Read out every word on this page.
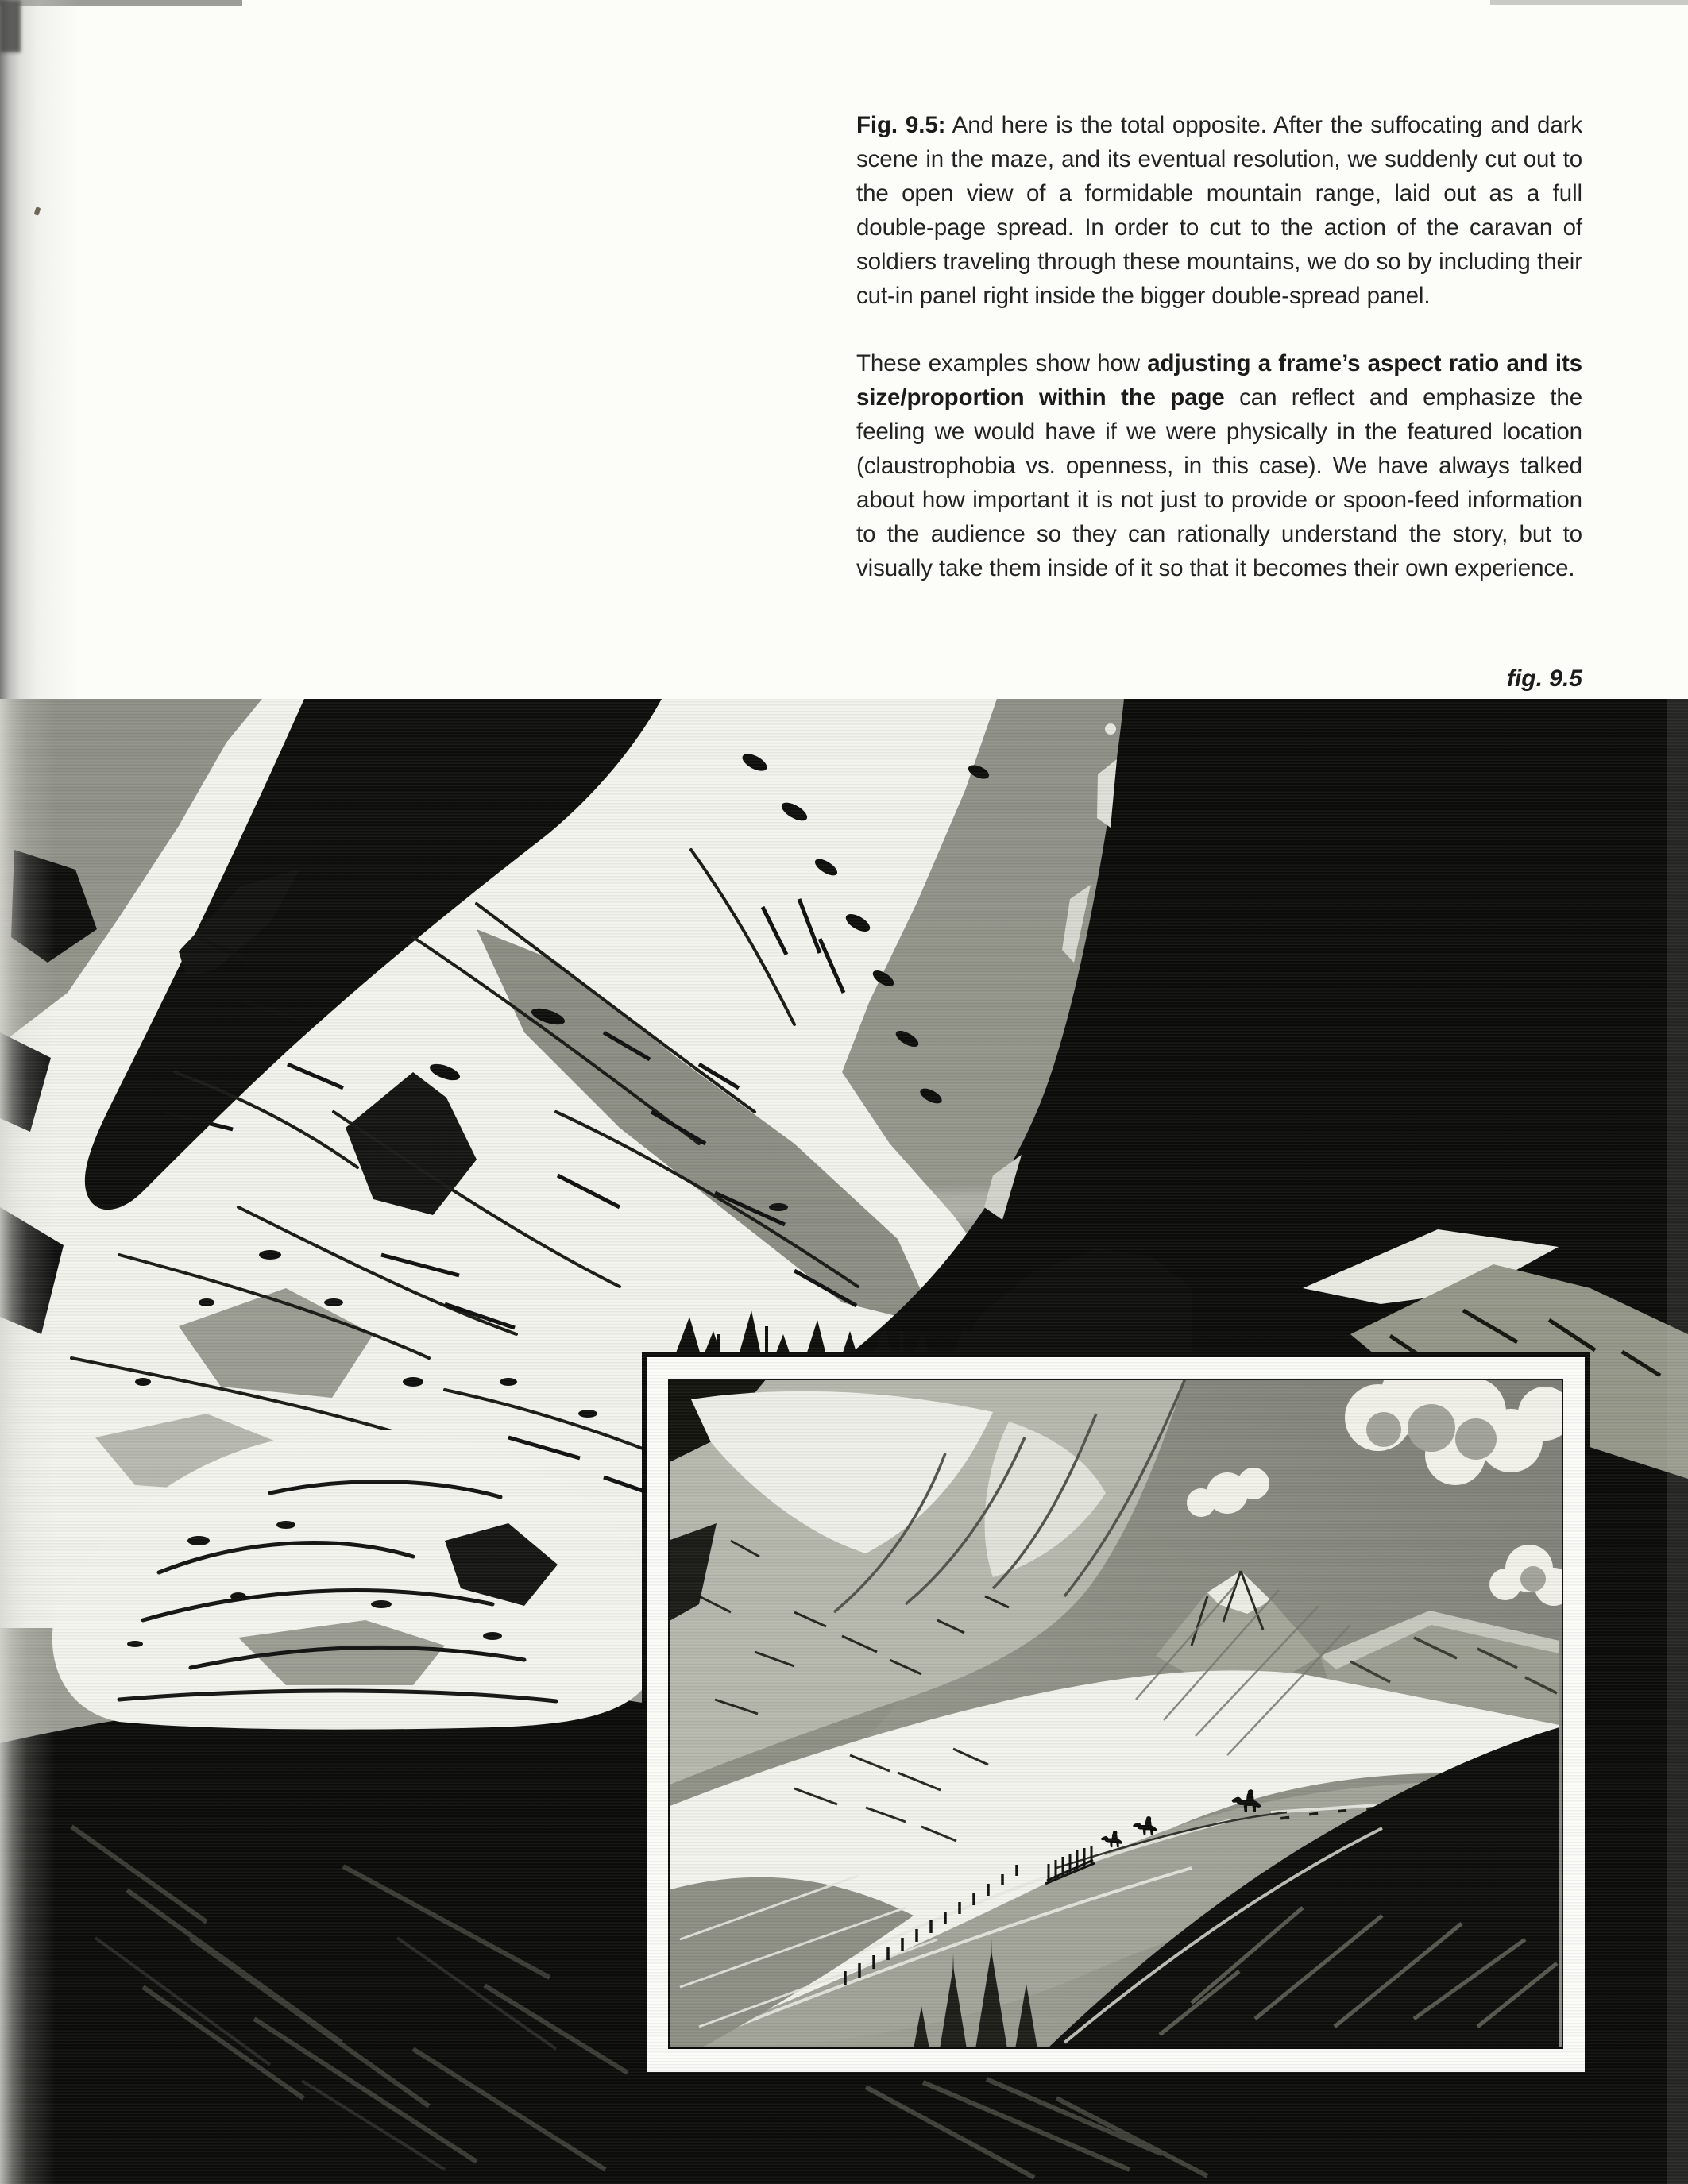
Fig. 9.5: And here is the total opposite. After the suffocating and dark scene in the maze, and its eventual resolution, we suddenly cut out to the open view of a formidable mountain range, laid out as a full double-page spread. In order to cut to the action of the caravan of soldiers traveling through these mountains, we do so by including their cut-in panel right inside the bigger double-spread panel.

These examples show how adjusting a frame’s aspect ratio and its size/proportion within the page can reflect and emphasize the feeling we would have if we were physically in the featured location (claustrophobia vs. openness, in this case). We have always talked about how important it is not just to provide or spoon-feed information to the audience so they can rationally understand the story, but to visually take them inside of it so that it becomes their own experience.

fig. 9.5
